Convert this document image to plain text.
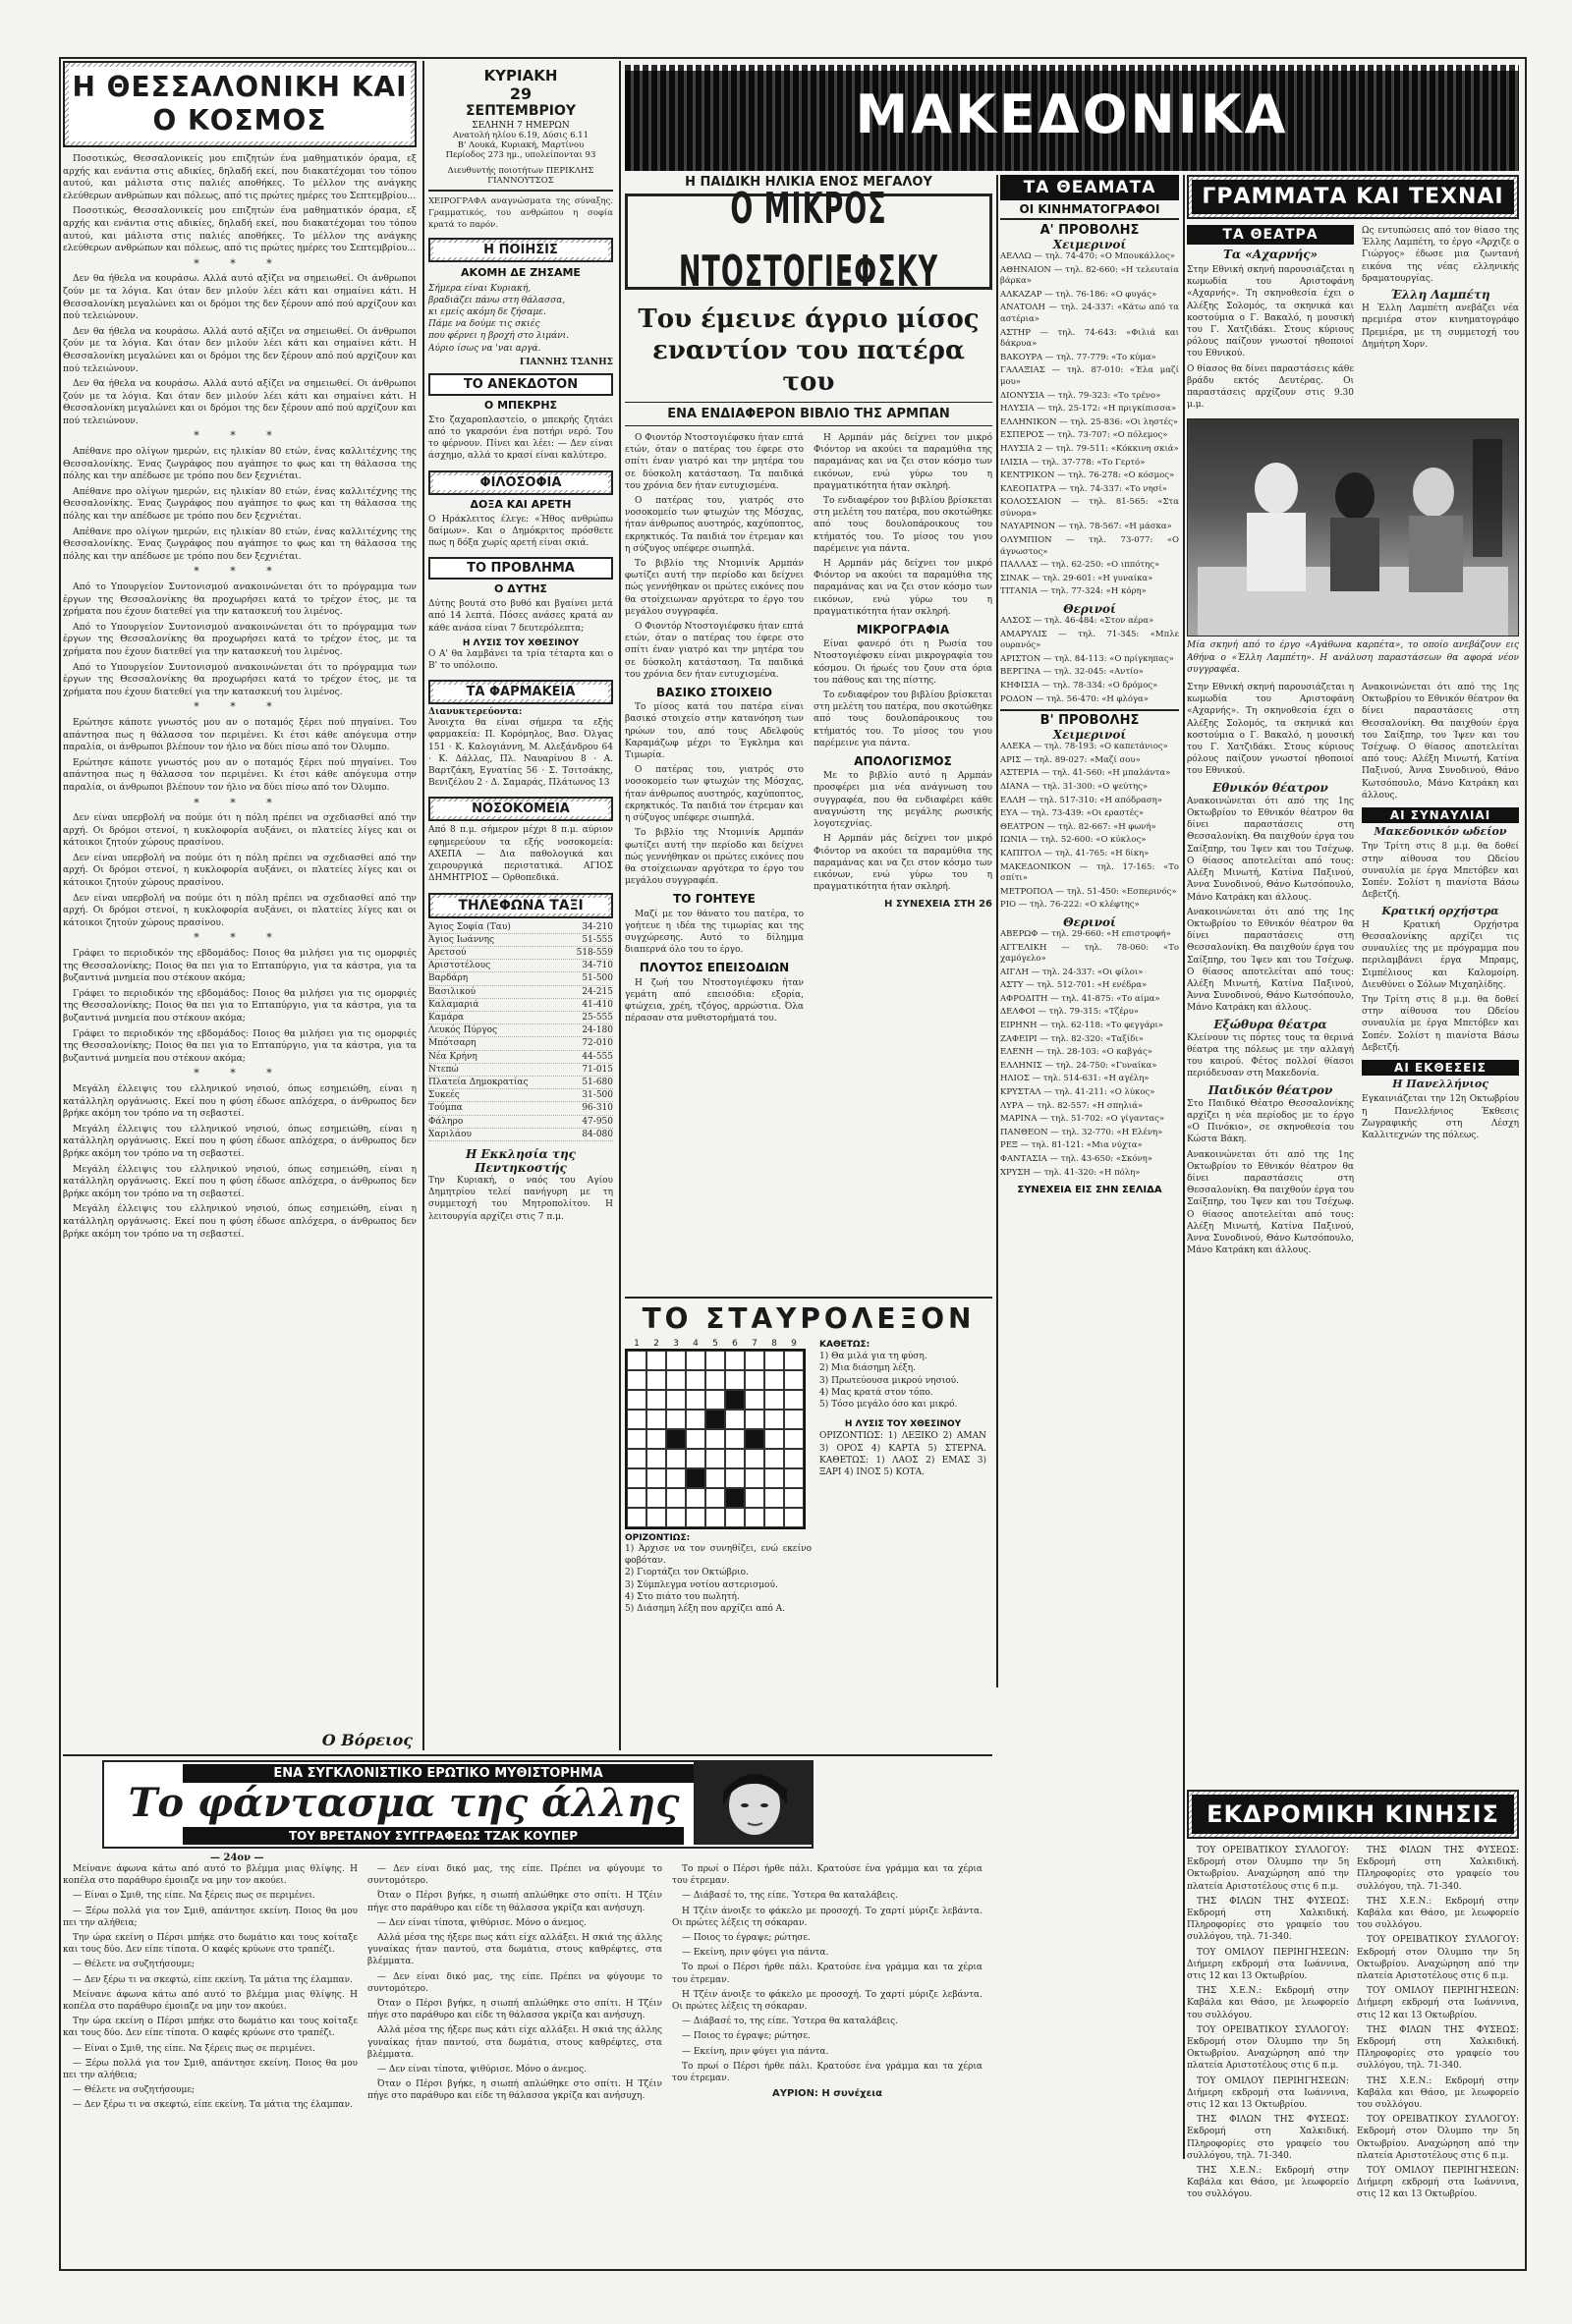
Η ΘΕΣΣΑΛΟΝΙΚΗ ΚΑΙ Ο ΚΟΣΜΟΣ

Ποσοτικώς, Θεσσαλονικείς μου επιζητών ένα μαθηματικόν όραμα, εξ αρχής και ενάντια στις αδικίες, δηλαδή εκεί, που διακατέχομαι του τόπου αυτού, και μάλιστα στις παλιές αποθήκες. Το μέλλον της ανάγκης ελεύθερων ανθρώπων και πόλεως, από τις πρώτες ημέρες του Σεπτεμβρίου...

Ποσοτικώς, Θεσσαλονικείς μου επιζητών ένα μαθηματικόν όραμα, εξ αρχής και ενάντια στις αδικίες, δηλαδή εκεί, που διακατέχομαι του τόπου αυτού, και μάλιστα στις παλιές αποθήκες. Το μέλλον της ανάγκης ελεύθερων ανθρώπων και πόλεως, από τις πρώτες ημέρες του Σεπτεμβρίου...

* * *

Δεν θα ήθελα να κουράσω. Αλλά αυτό αξίζει να σημειωθεί. Οι άνθρωποι ζούν με τα λόγια. Και όταν δεν μιλούν λέει κάτι και σημαίνει κάτι. Η Θεσσαλονίκη μεγαλώνει και οι δρόμοι της δεν ξέρουν από πού αρχίζουν και πού τελειώνουν.

Δεν θα ήθελα να κουράσω. Αλλά αυτό αξίζει να σημειωθεί. Οι άνθρωποι ζούν με τα λόγια. Και όταν δεν μιλούν λέει κάτι και σημαίνει κάτι. Η Θεσσαλονίκη μεγαλώνει και οι δρόμοι της δεν ξέρουν από πού αρχίζουν και πού τελειώνουν.

Δεν θα ήθελα να κουράσω. Αλλά αυτό αξίζει να σημειωθεί. Οι άνθρωποι ζούν με τα λόγια. Και όταν δεν μιλούν λέει κάτι και σημαίνει κάτι. Η Θεσσαλονίκη μεγαλώνει και οι δρόμοι της δεν ξέρουν από πού αρχίζουν και πού τελειώνουν.

* * *

Απέθανε προ ολίγων ημερών, εις ηλικίαν 80 ετών, ένας καλλιτέχνης της Θεσσαλονίκης. Ένας ζωγράφος που αγάπησε το φως και τη θάλασσα της πόλης και την απέδωσε με τρόπο που δεν ξεχνιέται.

Απέθανε προ ολίγων ημερών, εις ηλικίαν 80 ετών, ένας καλλιτέχνης της Θεσσαλονίκης. Ένας ζωγράφος που αγάπησε το φως και τη θάλασσα της πόλης και την απέδωσε με τρόπο που δεν ξεχνιέται.

Απέθανε προ ολίγων ημερών, εις ηλικίαν 80 ετών, ένας καλλιτέχνης της Θεσσαλονίκης. Ένας ζωγράφος που αγάπησε το φως και τη θάλασσα της πόλης και την απέδωσε με τρόπο που δεν ξεχνιέται.

* * *

Από το Υπουργείον Συντονισμού ανακοινώνεται ότι το πρόγραμμα των έργων της Θεσσαλονίκης θα προχωρήσει κατά το τρέχον έτος, με τα χρήματα που έχουν διατεθεί για την κατασκευή του λιμένος.

Από το Υπουργείον Συντονισμού ανακοινώνεται ότι το πρόγραμμα των έργων της Θεσσαλονίκης θα προχωρήσει κατά το τρέχον έτος, με τα χρήματα που έχουν διατεθεί για την κατασκευή του λιμένος.

Από το Υπουργείον Συντονισμού ανακοινώνεται ότι το πρόγραμμα των έργων της Θεσσαλονίκης θα προχωρήσει κατά το τρέχον έτος, με τα χρήματα που έχουν διατεθεί για την κατασκευή του λιμένος.

* * *

Ερώτησε κάποτε γνωστός μου αν ο ποταμός ξέρει πού πηγαίνει. Του απάντησα πως η θάλασσα τον περιμένει. Κι έτσι κάθε απόγευμα στην παραλία, οι άνθρωποι βλέπουν τον ήλιο να δύει πίσω από τον Όλυμπο.

Ερώτησε κάποτε γνωστός μου αν ο ποταμός ξέρει πού πηγαίνει. Του απάντησα πως η θάλασσα τον περιμένει. Κι έτσι κάθε απόγευμα στην παραλία, οι άνθρωποι βλέπουν τον ήλιο να δύει πίσω από τον Όλυμπο.

* * *

Δεν είναι υπερβολή να πούμε ότι η πόλη πρέπει να σχεδιασθεί από την αρχή. Οι δρόμοι στενοί, η κυκλοφορία αυξάνει, οι πλατείες λίγες και οι κάτοικοι ζητούν χώρους πρασίνου.

Δεν είναι υπερβολή να πούμε ότι η πόλη πρέπει να σχεδιασθεί από την αρχή. Οι δρόμοι στενοί, η κυκλοφορία αυξάνει, οι πλατείες λίγες και οι κάτοικοι ζητούν χώρους πρασίνου.

Δεν είναι υπερβολή να πούμε ότι η πόλη πρέπει να σχεδιασθεί από την αρχή. Οι δρόμοι στενοί, η κυκλοφορία αυξάνει, οι πλατείες λίγες και οι κάτοικοι ζητούν χώρους πρασίνου.

* * *

Γράφει το περιοδικόν της εβδομάδος: Ποιος θα μιλήσει για τις ομορφιές της Θεσσαλονίκης; Ποιος θα πει για το Επταπύργιο, για τα κάστρα, για τα βυζαντινά μνημεία που στέκουν ακόμα;

Γράφει το περιοδικόν της εβδομάδος: Ποιος θα μιλήσει για τις ομορφιές της Θεσσαλονίκης; Ποιος θα πει για το Επταπύργιο, για τα κάστρα, για τα βυζαντινά μνημεία που στέκουν ακόμα;

Γράφει το περιοδικόν της εβδομάδος: Ποιος θα μιλήσει για τις ομορφιές της Θεσσαλονίκης; Ποιος θα πει για το Επταπύργιο, για τα κάστρα, για τα βυζαντινά μνημεία που στέκουν ακόμα;

* * *

Μεγάλη έλλειψις του ελληνικού νησιού, όπως εσημειώθη, είναι η κατάλληλη οργάνωσις. Εκεί που η φύση έδωσε απλόχερα, ο άνθρωπος δεν βρήκε ακόμη τον τρόπο να τη σεβαστεί.

Μεγάλη έλλειψις του ελληνικού νησιού, όπως εσημειώθη, είναι η κατάλληλη οργάνωσις. Εκεί που η φύση έδωσε απλόχερα, ο άνθρωπος δεν βρήκε ακόμη τον τρόπο να τη σεβαστεί.

Μεγάλη έλλειψις του ελληνικού νησιού, όπως εσημειώθη, είναι η κατάλληλη οργάνωσις. Εκεί που η φύση έδωσε απλόχερα, ο άνθρωπος δεν βρήκε ακόμη τον τρόπο να τη σεβαστεί.

Μεγάλη έλλειψις του ελληνικού νησιού, όπως εσημειώθη, είναι η κατάλληλη οργάνωσις. Εκεί που η φύση έδωσε απλόχερα, ο άνθρωπος δεν βρήκε ακόμη τον τρόπο να τη σεβαστεί.

Ο Βόρειος
ΚΥΡΙΑΚΗ
29
ΣΕΠΤΕΜΒΡΙΟΥ
ΣΕΛΗΝΗ 7 ΗΜΕΡΩΝ
Ανατολή ηλίου 6.19, Δύσις 6.11
Β' Λουκά, Κυριακή, Μαρτίνου
Περίοδος 273 ημ., υπολείπονται 93
Διευθυντής ποιοτήτων ΠΕΡΙΚΛΗΣ ΓΙΑΝΝΟΥΤΣΟΣ
ΧΕΙΡΟΓΡΑΦΑ αναγνώσματα της σύναξης. Γραμματικός, του ανθρώπου η σοφία κρατά το παρόν.
Η ΠΟΙΗΣΙΣ
ΑΚΟΜΗ ΔΕ ΖΗΣΑΜΕ
Σήμερα είναι Κυριακή,
βραδιάζει πάνω στη θάλασσα,
κι εμείς ακόμη δε ζήσαμε.
Πάμε να δούμε τις σκιές
που φέρνει η βροχή στο λιμάνι.
Αύριο ίσως να 'ναι αργά.
ΓΙΑΝΝΗΣ ΤΣΑΝΗΣ
ΤΟ ΑΝΕΚΔΟΤΟΝ
Ο ΜΠΕΚΡΗΣ
Στο ζαχαροπλαστείο, ο μπεκρής ζητάει από το γκαρσόνι ένα ποτήρι νερό. Του το φέρνουν. Πίνει και λέει: — Δεν είναι άσχημο, αλλά το κρασί είναι καλύτερο.
ΦΙΛΟΣΟΦΙΑ
ΔΟΞΑ ΚΑΙ ΑΡΕΤΗ
Ο Ηράκλειτος έλεγε: «Ήθος ανθρώπω δαίμων». Και ο Δημόκριτος πρόσθετε πως η δόξα χωρίς αρετή είναι σκιά.
ΤΟ ΠΡΟΒΛΗΜΑ
Ο ΔΥΤΗΣ
Δύτης βουτά στο βυθό και βγαίνει μετά από 14 λεπτά. Πόσες ανάσες κρατά αν κάθε ανάσα είναι 7 δευτερόλεπτα;
Η ΛΥΣΙΣ ΤΟΥ ΧΘΕΣΙΝΟΥ
Ο Α' θα λαμβάνει τα τρία τέταρτα και ο Β' το υπόλοιπο.
ΤΑ ΦΑΡΜΑΚΕΙΑ
Διανυκτερεύοντα:
Άνοιχτα θα είναι σήμερα τα εξής φαρμακεία: Π. Κορόμηλος, Βασ. Όλγας 151 · Κ. Καλογιάννη, Μ. Αλεξάνδρου 64 · Κ. Δάλλας, Πλ. Ναυαρίνου 8 · Α. Βαρτζάκη, Εγνατίας 56 · Σ. Τσιτσάκης, Βενιζέλου 2 · Δ. Σαμαράς, Πλάτωνος 13
ΝΟΣΟΚΟΜΕΙΑ
Από 8 π.μ. σήμερον μέχρι 8 π.μ. αύριον εφημερεύουν τα εξής νοσοκομεία: ΑΧΕΠΑ — Δια παθολογικά και χειρουργικά περιστατικά. ΑΓΙΟΣ ΔΗΜΗΤΡΙΟΣ — Ορθοπεδικά.
ΤΗΛΕΦΩΝΑ ΤΑΞΙ
Άγιος Σοφία (Ταυ)	34-210
Άγιος Ιωάννης	51-555
Αρετσού	518-559
Αριστοτέλους	34-710
Βαρδάρη	51-500
Βασιλικού	24-215
Καλαμαριά	41-410
Καμάρα	25-555
Λευκός Πύργος	24-180
Μπότσαρη	72-010
Νέα Κρήνη	44-555
Ντεπώ	71-015
Πλατεία Δημοκρατίας	51-680
Συκεές	31-500
Τούμπα	96-310
Φάληρο	47-950
Χαριλάου	84-080
Η Εκκλησία της Πεντηκοστής
Την Κυριακή, ο ναός του Αγίου Δημητρίου τελεί πανήγυρη με τη συμμετοχή του Μητροπολίτου. Η λειτουργία αρχίζει στις 7 π.μ.
ΜΑΚΕΔΟΝΙΚΑ
Η ΠΑΙΔΙΚΗ ΗΛΙΚΙΑ ΕΝΟΣ ΜΕΓΑΛΟΥ
Ο ΜΙΚΡΟΣ ΝΤΟΣΤΟΓΙΕΦΣΚΥ
Του έμεινε άγριο μίσος εναντίον του πατέρα του
ΕΝΑ ΕΝΔΙΑΦΕΡΟΝ ΒΙΒΛΙΟ ΤΗΣ ΑΡΜΠΑΝ

Ο Φιοντόρ Ντοστογιέφσκυ ήταν επτά ετών, όταν ο πατέρας του έφερε στο σπίτι έναν γιατρό και την μητέρα του σε δύσκολη κατάσταση. Τα παιδικά του χρόνια δεν ήταν ευτυχισμένα.

Ο πατέρας του, γιατρός στο νοσοκομείο των φτωχών της Μόσχας, ήταν άνθρωπος αυστηρός, καχύποπτος, εκρηκτικός. Τα παιδιά τον έτρεμαν και η σύζυγος υπέφερε σιωπηλά.

Το βιβλίο της Ντομινίκ Αρμπάν φωτίζει αυτή την περίοδο και δείχνει πώς γεννήθηκαν οι πρώτες εικόνες που θα στοίχειωναν αργότερα το έργο του μεγάλου συγγραφέα.

Ο Φιοντόρ Ντοστογιέφσκυ ήταν επτά ετών, όταν ο πατέρας του έφερε στο σπίτι έναν γιατρό και την μητέρα του σε δύσκολη κατάσταση. Τα παιδικά του χρόνια δεν ήταν ευτυχισμένα.

ΒΑΣΙΚΟ ΣΤΟΙΧΕΙΟ

Το μίσος κατά του πατέρα είναι βασικό στοιχείο στην κατανόηση των ηρώων του, από τους Αδελφούς Καραμάζωφ μέχρι το Έγκλημα και Τιμωρία.

Ο πατέρας του, γιατρός στο νοσοκομείο των φτωχών της Μόσχας, ήταν άνθρωπος αυστηρός, καχύποπτος, εκρηκτικός. Τα παιδιά τον έτρεμαν και η σύζυγος υπέφερε σιωπηλά.

Το βιβλίο της Ντομινίκ Αρμπάν φωτίζει αυτή την περίοδο και δείχνει πώς γεννήθηκαν οι πρώτες εικόνες που θα στοίχειωναν αργότερα το έργο του μεγάλου συγγραφέα.

ΤΟ ΓΟΗΤΕΥΕ

Μαζί με τον θάνατο του πατέρα, το γοήτευε η ιδέα της τιμωρίας και της συγχώρεσης. Αυτό το δίλημμα διαπερνά όλο του το έργο.

ΠΛΟΥΤΟΣ ΕΠΕΙΣΟΔΙΩΝ

Η ζωή του Ντοστογιέφσκυ ήταν γεμάτη από επεισόδια: εξορία, φτώχεια, χρέη, τζόγος, αρρώστια. Όλα πέρασαν στα μυθιστορήματά του.

Η Αρμπάν μάς δείχνει τον μικρό Φιόντορ να ακούει τα παραμύθια της παραμάνας και να ζει στον κόσμο των εικόνων, ενώ γύρω του η πραγματικότητα ήταν σκληρή.

Το ενδιαφέρον του βιβλίου βρίσκεται στη μελέτη του πατέρα, που σκοτώθηκε από τους δουλοπάροικους του κτήματός του. Το μίσος του γιου παρέμεινε για πάντα.

Η Αρμπάν μάς δείχνει τον μικρό Φιόντορ να ακούει τα παραμύθια της παραμάνας και να ζει στον κόσμο των εικόνων, ενώ γύρω του η πραγματικότητα ήταν σκληρή.

ΜΙΚΡΟΓΡΑΦΙΑ

Είναι φανερό ότι η Ρωσία του Ντοστογιέφσκυ είναι μικρογραφία του κόσμου. Οι ήρωές του ζουν στα όρια του πάθους και της πίστης.

Το ενδιαφέρον του βιβλίου βρίσκεται στη μελέτη του πατέρα, που σκοτώθηκε από τους δουλοπάροικους του κτήματός του. Το μίσος του γιου παρέμεινε για πάντα.

ΑΠΟΛΟΓΙΣΜΟΣ

Με το βιβλίο αυτό η Αρμπάν προσφέρει μια νέα ανάγνωση του συγγραφέα, που θα ενδιαφέρει κάθε αναγνώστη της μεγάλης ρωσικής λογοτεχνίας.

Η Αρμπάν μάς δείχνει τον μικρό Φιόντορ να ακούει τα παραμύθια της παραμάνας και να ζει στον κόσμο των εικόνων, ενώ γύρω του η πραγματικότητα ήταν σκληρή.

Η ΣΥΝΕΧΕΙΑ ΣΤΗ 26
ΤΟ ΣΤΑΥΡΟΛΕΞΟΝ
1	2	3	4	5	6	7	8	9
ΟΡΙΖΟΝΤΙΩΣ:
1) Άρχισε να τον συνηθίζει, ενώ εκείνο φοβόταν.
2) Γιορτάζει τον Οκτώβριο.
3) Σύμπλεγμα νοτίου αστερισμού.
4) Στο πιάτο του πωλητή.
5) Διάσημη λέξη που αρχίζει από Α.
ΚΑΘΕΤΩΣ:
1) Θα μιλά για τη φύση.
2) Μια διάσημη λέξη.
3) Πρωτεύουσα μικρού νησιού.
4) Μας κρατά στον τόπο.
5) Τόσο μεγάλο όσο και μικρό.
Η ΛΥΣΙΣ ΤΟΥ ΧΘΕΣΙΝΟΥ
ΟΡΙΖΟΝΤΙΩΣ: 1) ΛΕΞΙΚΟ 2) ΑΜΑΝ 3) ΟΡΟΣ 4) ΚΑΡΤΑ 5) ΣΤΕΡΝΑ. ΚΑΘΕΤΩΣ: 1) ΛΑΟΣ 2) ΕΜΑΣ 3) ΞΑΡΙ 4) ΙΝΟΣ 5) ΚΟΤΑ.
ΤΑ ΘΕΑΜΑΤΑ
ΟΙ ΚΙΝΗΜΑΤΟΓΡΑΦΟΙ
Α' ΠΡΟΒΟΛΗΣ
Χειμερινοί
ΑΕΛΛΩ — τηλ. 74-470: «Ο Μπουκάλλος»
ΑΘΗΝΑΙΟΝ — τηλ. 82-660: «Η τελευταία βάρκα»
ΑΛΚΑΖΑΡ — τηλ. 76-186: «Ο φυγάς»
ΑΝΑΤΟΛΗ — τηλ. 24-337: «Κάτω από τα αστέρια»
ΑΣΤΗΡ — τηλ. 74-643: «Φιλιά και δάκρυα»
ΒΑΚΟΥΡΑ — τηλ. 77-779: «Το κύμα»
ΓΑΛΑΞΙΑΣ — τηλ. 87-010: «Έλα μαζί μου»
ΔΙΟΝΥΣΙΑ — τηλ. 79-323: «Το τρένο»
ΗΛΥΣΙΑ — τηλ. 25-172: «Η πριγκίπισσα»
ΕΛΛΗΝΙΚΟΝ — τηλ. 25-836: «Οι ληστές»
ΕΣΠΕΡΟΣ — τηλ. 73-707: «Ο πόλεμος»
ΗΛΥΣΙΑ 2 — τηλ. 79-511: «Κόκκινη σκιά»
ΙΛΙΣΙΑ — τηλ. 37-778: «Το Γερτό»
ΚΕΝΤΡΙΚΟΝ — τηλ. 76-278: «Ο κόσμος»
ΚΛΕΟΠΑΤΡΑ — τηλ. 74-337: «Το νησί»
ΚΟΛΟΣΣΑΙΟΝ — τηλ. 81-565: «Στα σύνορα»
ΝΑΥΑΡΙΝΟΝ — τηλ. 78-567: «Η μάσκα»
ΟΛΥΜΠΙΟΝ — τηλ. 73-077: «Ο άγνωστος»
ΠΑΛΛΑΣ — τηλ. 62-250: «Ο ιππότης»
ΣΙΝΑΚ — τηλ. 29-601: «Η γυναίκα»
ΤΙΤΑΝΙΑ — τηλ. 77-324: «Η κόρη»
Θερινοί
ΑΛΣΟΣ — τηλ. 46-484: «Στον αέρα»
ΑΜΑΡΥΛΙΣ — τηλ. 71-345: «Μπλε ουρανός»
ΑΡΙΣΤΟΝ — τηλ. 84-113: «Ο πρίγκηπας»
ΒΕΡΓΙΝΑ — τηλ. 32-045: «Αντίο»
ΚΗΦΙΣΙΑ — τηλ. 78-334: «Ο δρόμος»
ΡΟΔΟΝ — τηλ. 56-470: «Η φλόγα»
Β' ΠΡΟΒΟΛΗΣ
Χειμερινοί
ΑΛΕΚΑ — τηλ. 78-193: «Ο καπετάνιος»
ΑΡΙΣ — τηλ. 89-027: «Μαζί σου»
ΑΣΤΕΡΙΑ — τηλ. 41-560: «Η μπαλάντα»
ΔΙΑΝΑ — τηλ. 31-300: «Ο ψεύτης»
ΕΛΛΗ — τηλ. 517-310: «Η απόδραση»
ΕΥΑ — τηλ. 73-439: «Οι εραστές»
ΘΕΑΤΡΟΝ — τηλ. 82-667: «Η φωνή»
ΙΩΝΙΑ — τηλ. 52-600: «Ο κύκλος»
ΚΑΠΙΤΟΛ — τηλ. 41-765: «Η δίκη»
ΜΑΚΕΔΟΝΙΚΟΝ — τηλ. 17-165: «Το σπίτι»
ΜΕΤΡΟΠΟΛ — τηλ. 51-450: «Εσπερινός»
ΡΙΟ — τηλ. 76-222: «Ο κλέφτης»
Θερινοί
ΑΒΕΡΩΦ — τηλ. 29-660: «Η επιστροφή»
ΑΓΓΕΛΙΚΗ — τηλ. 78-060: «Το χαμόγελο»
ΑΙΓΛΗ — τηλ. 24-337: «Οι φίλοι»
ΑΣΤΥ — τηλ. 512-701: «Η ενέδρα»
ΑΦΡΟΔΙΤΗ — τηλ. 41-875: «Το αίμα»
ΔΕΛΦΟΙ — τηλ. 79-315: «Τζέρυ»
ΕΙΡΗΝΗ — τηλ. 62-118: «Το φεγγάρι»
ΖΑΦΕΙΡΙ — τηλ. 82-320: «Ταξίδι»
ΕΛΕΝΗ — τηλ. 28-103: «Ο καβγάς»
ΕΛΛΗΝΙΣ — τηλ. 24-750: «Γυναίκα»
ΗΛΙΟΣ — τηλ. 514-631: «Η αγέλη»
ΚΡΥΣΤΑΛ — τηλ. 41-211: «Ο λύκος»
ΛΥΡΑ — τηλ. 82-557: «Η σπηλιά»
ΜΑΡΙΝΑ — τηλ. 51-702: «Ο γίγαντας»
ΠΑΝΘΕΟΝ — τηλ. 32-770: «Η Ελένη»
ΡΕΞ — τηλ. 81-121: «Μια νύχτα»
ΦΑΝΤΑΣΙΑ — τηλ. 43-650: «Σκόνη»
ΧΡΥΣΗ — τηλ. 41-320: «Η πόλη»
ΣΥΝΕΧΕΙΑ ΕΙΣ ΣΗΝ ΣΕΛΙΔΑ
ΓΡΑΜΜΑΤΑ ΚΑΙ ΤΕΧΝΑΙ
ΤΑ ΘΕΑΤΡΑ
Τα «Αχαρνής»
Στην Εθνική σκηνή παρουσιάζεται η κωμωδία του Αριστοφάνη «Αχαρνής». Τη σκηνοθεσία έχει ο Αλέξης Σολομός, τα σκηνικά και κοστούμια ο Γ. Βακαλό, η μουσική του Γ. Χατζιδάκι. Στους κύριους ρόλους παίζουν γνωστοί ηθοποιοί του Εθνικού.
Ο θίασος θα δίνει παραστάσεις κάθε βράδυ εκτός Δευτέρας. Οι παραστάσεις αρχίζουν στις 9.30 μ.μ.
Ως εντυπώσεις από τον θίασο της Έλλης Λαμπέτη, το έργο «Άρχιζε ο Γιώργος» έδωσε μια ζωντανή εικόνα της νέας ελληνικής δραματουργίας.
Έλλη Λαμπέτη
Η Έλλη Λαμπέτη ανεβάζει νέα πρεμιέρα στον κινηματογράφο Πρεμιέρα, με τη συμμετοχή του Δημήτρη Χορν.
Μία σκηνή από το έργο «Αγάθωνα καρπέτα», το οποίο ανεβάζουν εις Αθήνα ο «Έλλη Λαμπέτη». Η ανάλυση παραστάσεων θα αφορά νέον συγγραφέα.
Στην Εθνική σκηνή παρουσιάζεται η κωμωδία του Αριστοφάνη «Αχαρνής». Τη σκηνοθεσία έχει ο Αλέξης Σολομός, τα σκηνικά και κοστούμια ο Γ. Βακαλό, η μουσική του Γ. Χατζιδάκι. Στους κύριους ρόλους παίζουν γνωστοί ηθοποιοί του Εθνικού.
Εθνικόν θέατρον
Ανακοινώνεται ότι από της 1ης Οκτωβρίου το Εθνικόν θέατρον θα δίνει παραστάσεις στη Θεσσαλονίκη. Θα παιχθούν έργα του Σαίξπηρ, του Ίψεν και του Τσέχωφ. Ο θίασος αποτελείται από τους: Αλέξη Μινωτή, Κατίνα Παξινού, Άννα Συνοδινού, Θάνο Κωτσόπουλο, Μάνο Κατράκη και άλλους.
Ανακοινώνεται ότι από της 1ης Οκτωβρίου το Εθνικόν θέατρον θα δίνει παραστάσεις στη Θεσσαλονίκη. Θα παιχθούν έργα του Σαίξπηρ, του Ίψεν και του Τσέχωφ. Ο θίασος αποτελείται από τους: Αλέξη Μινωτή, Κατίνα Παξινού, Άννα Συνοδινού, Θάνο Κωτσόπουλο, Μάνο Κατράκη και άλλους.
Εξώθυρα θέατρα
Κλείνουν τις πόρτες τους τα θερινά θέατρα της πόλεως με την αλλαγή του καιρού. Φέτος πολλοί θίασοι περιόδευσαν στη Μακεδονία.
Παιδικόν θέατρον
Στο Παιδικό Θέατρο Θεσσαλονίκης αρχίζει η νέα περίοδος με το έργο «Ο Πινόκιο», σε σκηνοθεσία του Κώστα Βάκη.
Ανακοινώνεται ότι από της 1ης Οκτωβρίου το Εθνικόν θέατρον θα δίνει παραστάσεις στη Θεσσαλονίκη. Θα παιχθούν έργα του Σαίξπηρ, του Ίψεν και του Τσέχωφ. Ο θίασος αποτελείται από τους: Αλέξη Μινωτή, Κατίνα Παξινού, Άννα Συνοδινού, Θάνο Κωτσόπουλο, Μάνο Κατράκη και άλλους.
Ανακοινώνεται ότι από της 1ης Οκτωβρίου το Εθνικόν θέατρον θα δίνει παραστάσεις στη Θεσσαλονίκη. Θα παιχθούν έργα του Σαίξπηρ, του Ίψεν και του Τσέχωφ. Ο θίασος αποτελείται από τους: Αλέξη Μινωτή, Κατίνα Παξινού, Άννα Συνοδινού, Θάνο Κωτσόπουλο, Μάνο Κατράκη και άλλους.
ΑΙ ΣΥΝΑΥΛΙΑΙ
Μακεδονικόν ωδείον
Την Τρίτη στις 8 μ.μ. θα δοθεί στην αίθουσα του Ωδείου συναυλία με έργα Μπετόβεν και Σοπέν. Σολίστ η πιανίστα Βάσω Δεβετζή.
Κρατική ορχήστρα
Η Κρατική Ορχήστρα Θεσσαλονίκης αρχίζει τις συναυλίες της με πρόγραμμα που περιλαμβάνει έργα Μπραμς, Σιμπέλιους και Καλομοίρη. Διευθύνει ο Σόλων Μιχαηλίδης.
Την Τρίτη στις 8 μ.μ. θα δοθεί στην αίθουσα του Ωδείου συναυλία με έργα Μπετόβεν και Σοπέν. Σολίστ η πιανίστα Βάσω Δεβετζή.
ΑΙ ΕΚΘΕΣΕΙΣ
Η Πανελλήνιος
Εγκαινιάζεται την 12η Οκτωβρίου η Πανελλήνιος Έκθεσις Ζωγραφικής στη Λέσχη Καλλιτεχνών της πόλεως.
ΕΝΑ ΣΥΓΚΛΟΝΙΣΤΙΚΟ ΕΡΩΤΙΚΟ ΜΥΘΙΣΤΟΡΗΜΑ
Το φάντασμα της άλλης
ΤΟΥ ΒΡΕΤΑΝΟΥ ΣΥΓΓΡΑΦΕΩΣ ΤΖΑΚ ΚΟΥΠΕΡ
— 24ον —

Μείνανε άφωνα κάτω από αυτό το βλέμμα μιας θλίψης. Η κοπέλα στο παράθυρο έμοιαζε να μην τον ακούει.

— Είναι ο Σμιθ, της είπε. Να ξέρεις πως σε περιμένει.

— Ξέρω πολλά για τον Σμιθ, απάντησε εκείνη. Ποιος θα μου πει την αλήθεια;

Την ώρα εκείνη ο Πέρσι μπήκε στο δωμάτιο και τους κοίταξε και τους δύο. Δεν είπε τίποτα. Ο καφές κρύωνε στο τραπέζι.

— Θέλετε να συζητήσουμε;

— Δεν ξέρω τι να σκεφτώ, είπε εκείνη. Τα μάτια της έλαμπαν.

Μείνανε άφωνα κάτω από αυτό το βλέμμα μιας θλίψης. Η κοπέλα στο παράθυρο έμοιαζε να μην τον ακούει.

Την ώρα εκείνη ο Πέρσι μπήκε στο δωμάτιο και τους κοίταξε και τους δύο. Δεν είπε τίποτα. Ο καφές κρύωνε στο τραπέζι.

— Είναι ο Σμιθ, της είπε. Να ξέρεις πως σε περιμένει.

— Ξέρω πολλά για τον Σμιθ, απάντησε εκείνη. Ποιος θα μου πει την αλήθεια;

— Θέλετε να συζητήσουμε;

— Δεν ξέρω τι να σκεφτώ, είπε εκείνη. Τα μάτια της έλαμπαν.

— Δεν είναι δικό μας, της είπε. Πρέπει να φύγουμε το συντομότερο.

Όταν ο Πέρσι βγήκε, η σιωπή απλώθηκε στο σπίτι. Η Τζέιν πήγε στο παράθυρο και είδε τη θάλασσα γκρίζα και ανήσυχη.

— Δεν είναι τίποτα, ψιθύρισε. Μόνο ο άνεμος.

Αλλά μέσα της ήξερε πως κάτι είχε αλλάξει. Η σκιά της άλλης γυναίκας ήταν παντού, στα δωμάτια, στους καθρέφτες, στα βλέμματα.

— Δεν είναι δικό μας, της είπε. Πρέπει να φύγουμε το συντομότερο.

Όταν ο Πέρσι βγήκε, η σιωπή απλώθηκε στο σπίτι. Η Τζέιν πήγε στο παράθυρο και είδε τη θάλασσα γκρίζα και ανήσυχη.

Αλλά μέσα της ήξερε πως κάτι είχε αλλάξει. Η σκιά της άλλης γυναίκας ήταν παντού, στα δωμάτια, στους καθρέφτες, στα βλέμματα.

— Δεν είναι τίποτα, ψιθύρισε. Μόνο ο άνεμος.

Όταν ο Πέρσι βγήκε, η σιωπή απλώθηκε στο σπίτι. Η Τζέιν πήγε στο παράθυρο και είδε τη θάλασσα γκρίζα και ανήσυχη.

Το πρωί ο Πέρσι ήρθε πάλι. Κρατούσε ένα γράμμα και τα χέρια του έτρεμαν.

— Διάβασέ το, της είπε. Ύστερα θα καταλάβεις.

Η Τζέιν άνοιξε το φάκελο με προσοχή. Το χαρτί μύριζε λεβάντα. Οι πρώτες λέξεις τη σόκαραν.

— Ποιος το έγραψε; ρώτησε.

— Εκείνη, πριν φύγει για πάντα.

Το πρωί ο Πέρσι ήρθε πάλι. Κρατούσε ένα γράμμα και τα χέρια του έτρεμαν.

Η Τζέιν άνοιξε το φάκελο με προσοχή. Το χαρτί μύριζε λεβάντα. Οι πρώτες λέξεις τη σόκαραν.

— Διάβασέ το, της είπε. Ύστερα θα καταλάβεις.

— Ποιος το έγραψε; ρώτησε.

— Εκείνη, πριν φύγει για πάντα.

Το πρωί ο Πέρσι ήρθε πάλι. Κρατούσε ένα γράμμα και τα χέρια του έτρεμαν.

ΑΥΡΙΟΝ: Η συνέχεια
ΕΚΔΡΟΜΙΚΗ ΚΙΝΗΣΙΣ

ΤΟΥ ΟΡΕΙΒΑΤΙΚΟΥ ΣΥΛΛΟΓΟΥ: Εκδρομή στον Όλυμπο την 5η Οκτωβρίου. Αναχώρηση από την πλατεία Αριστοτέλους στις 6 π.μ.

ΤΗΣ ΦΙΛΩΝ ΤΗΣ ΦΥΣΕΩΣ: Εκδρομή στη Χαλκιδική. Πληροφορίες στο γραφείο του συλλόγου, τηλ. 71-340.

ΤΟΥ ΟΜΙΛΟΥ ΠΕΡΙΗΓΗΣΕΩΝ: Διήμερη εκδρομή στα Ιωάννινα, στις 12 και 13 Οκτωβρίου.

ΤΗΣ Χ.Ε.Ν.: Εκδρομή στην Καβάλα και Θάσο, με λεωφορείο του συλλόγου.

ΤΟΥ ΟΡΕΙΒΑΤΙΚΟΥ ΣΥΛΛΟΓΟΥ: Εκδρομή στον Όλυμπο την 5η Οκτωβρίου. Αναχώρηση από την πλατεία Αριστοτέλους στις 6 π.μ.

ΤΟΥ ΟΜΙΛΟΥ ΠΕΡΙΗΓΗΣΕΩΝ: Διήμερη εκδρομή στα Ιωάννινα, στις 12 και 13 Οκτωβρίου.

ΤΗΣ ΦΙΛΩΝ ΤΗΣ ΦΥΣΕΩΣ: Εκδρομή στη Χαλκιδική. Πληροφορίες στο γραφείο του συλλόγου, τηλ. 71-340.

ΤΗΣ Χ.Ε.Ν.: Εκδρομή στην Καβάλα και Θάσο, με λεωφορείο του συλλόγου.

ΤΗΣ ΦΙΛΩΝ ΤΗΣ ΦΥΣΕΩΣ: Εκδρομή στη Χαλκιδική. Πληροφορίες στο γραφείο του συλλόγου, τηλ. 71-340.

ΤΗΣ Χ.Ε.Ν.: Εκδρομή στην Καβάλα και Θάσο, με λεωφορείο του συλλόγου.

ΤΟΥ ΟΡΕΙΒΑΤΙΚΟΥ ΣΥΛΛΟΓΟΥ: Εκδρομή στον Όλυμπο την 5η Οκτωβρίου. Αναχώρηση από την πλατεία Αριστοτέλους στις 6 π.μ.

ΤΟΥ ΟΜΙΛΟΥ ΠΕΡΙΗΓΗΣΕΩΝ: Διήμερη εκδρομή στα Ιωάννινα, στις 12 και 13 Οκτωβρίου.

ΤΗΣ ΦΙΛΩΝ ΤΗΣ ΦΥΣΕΩΣ: Εκδρομή στη Χαλκιδική. Πληροφορίες στο γραφείο του συλλόγου, τηλ. 71-340.

ΤΗΣ Χ.Ε.Ν.: Εκδρομή στην Καβάλα και Θάσο, με λεωφορείο του συλλόγου.

ΤΟΥ ΟΡΕΙΒΑΤΙΚΟΥ ΣΥΛΛΟΓΟΥ: Εκδρομή στον Όλυμπο την 5η Οκτωβρίου. Αναχώρηση από την πλατεία Αριστοτέλους στις 6 π.μ.

ΤΟΥ ΟΜΙΛΟΥ ΠΕΡΙΗΓΗΣΕΩΝ: Διήμερη εκδρομή στα Ιωάννινα, στις 12 και 13 Οκτωβρίου.
